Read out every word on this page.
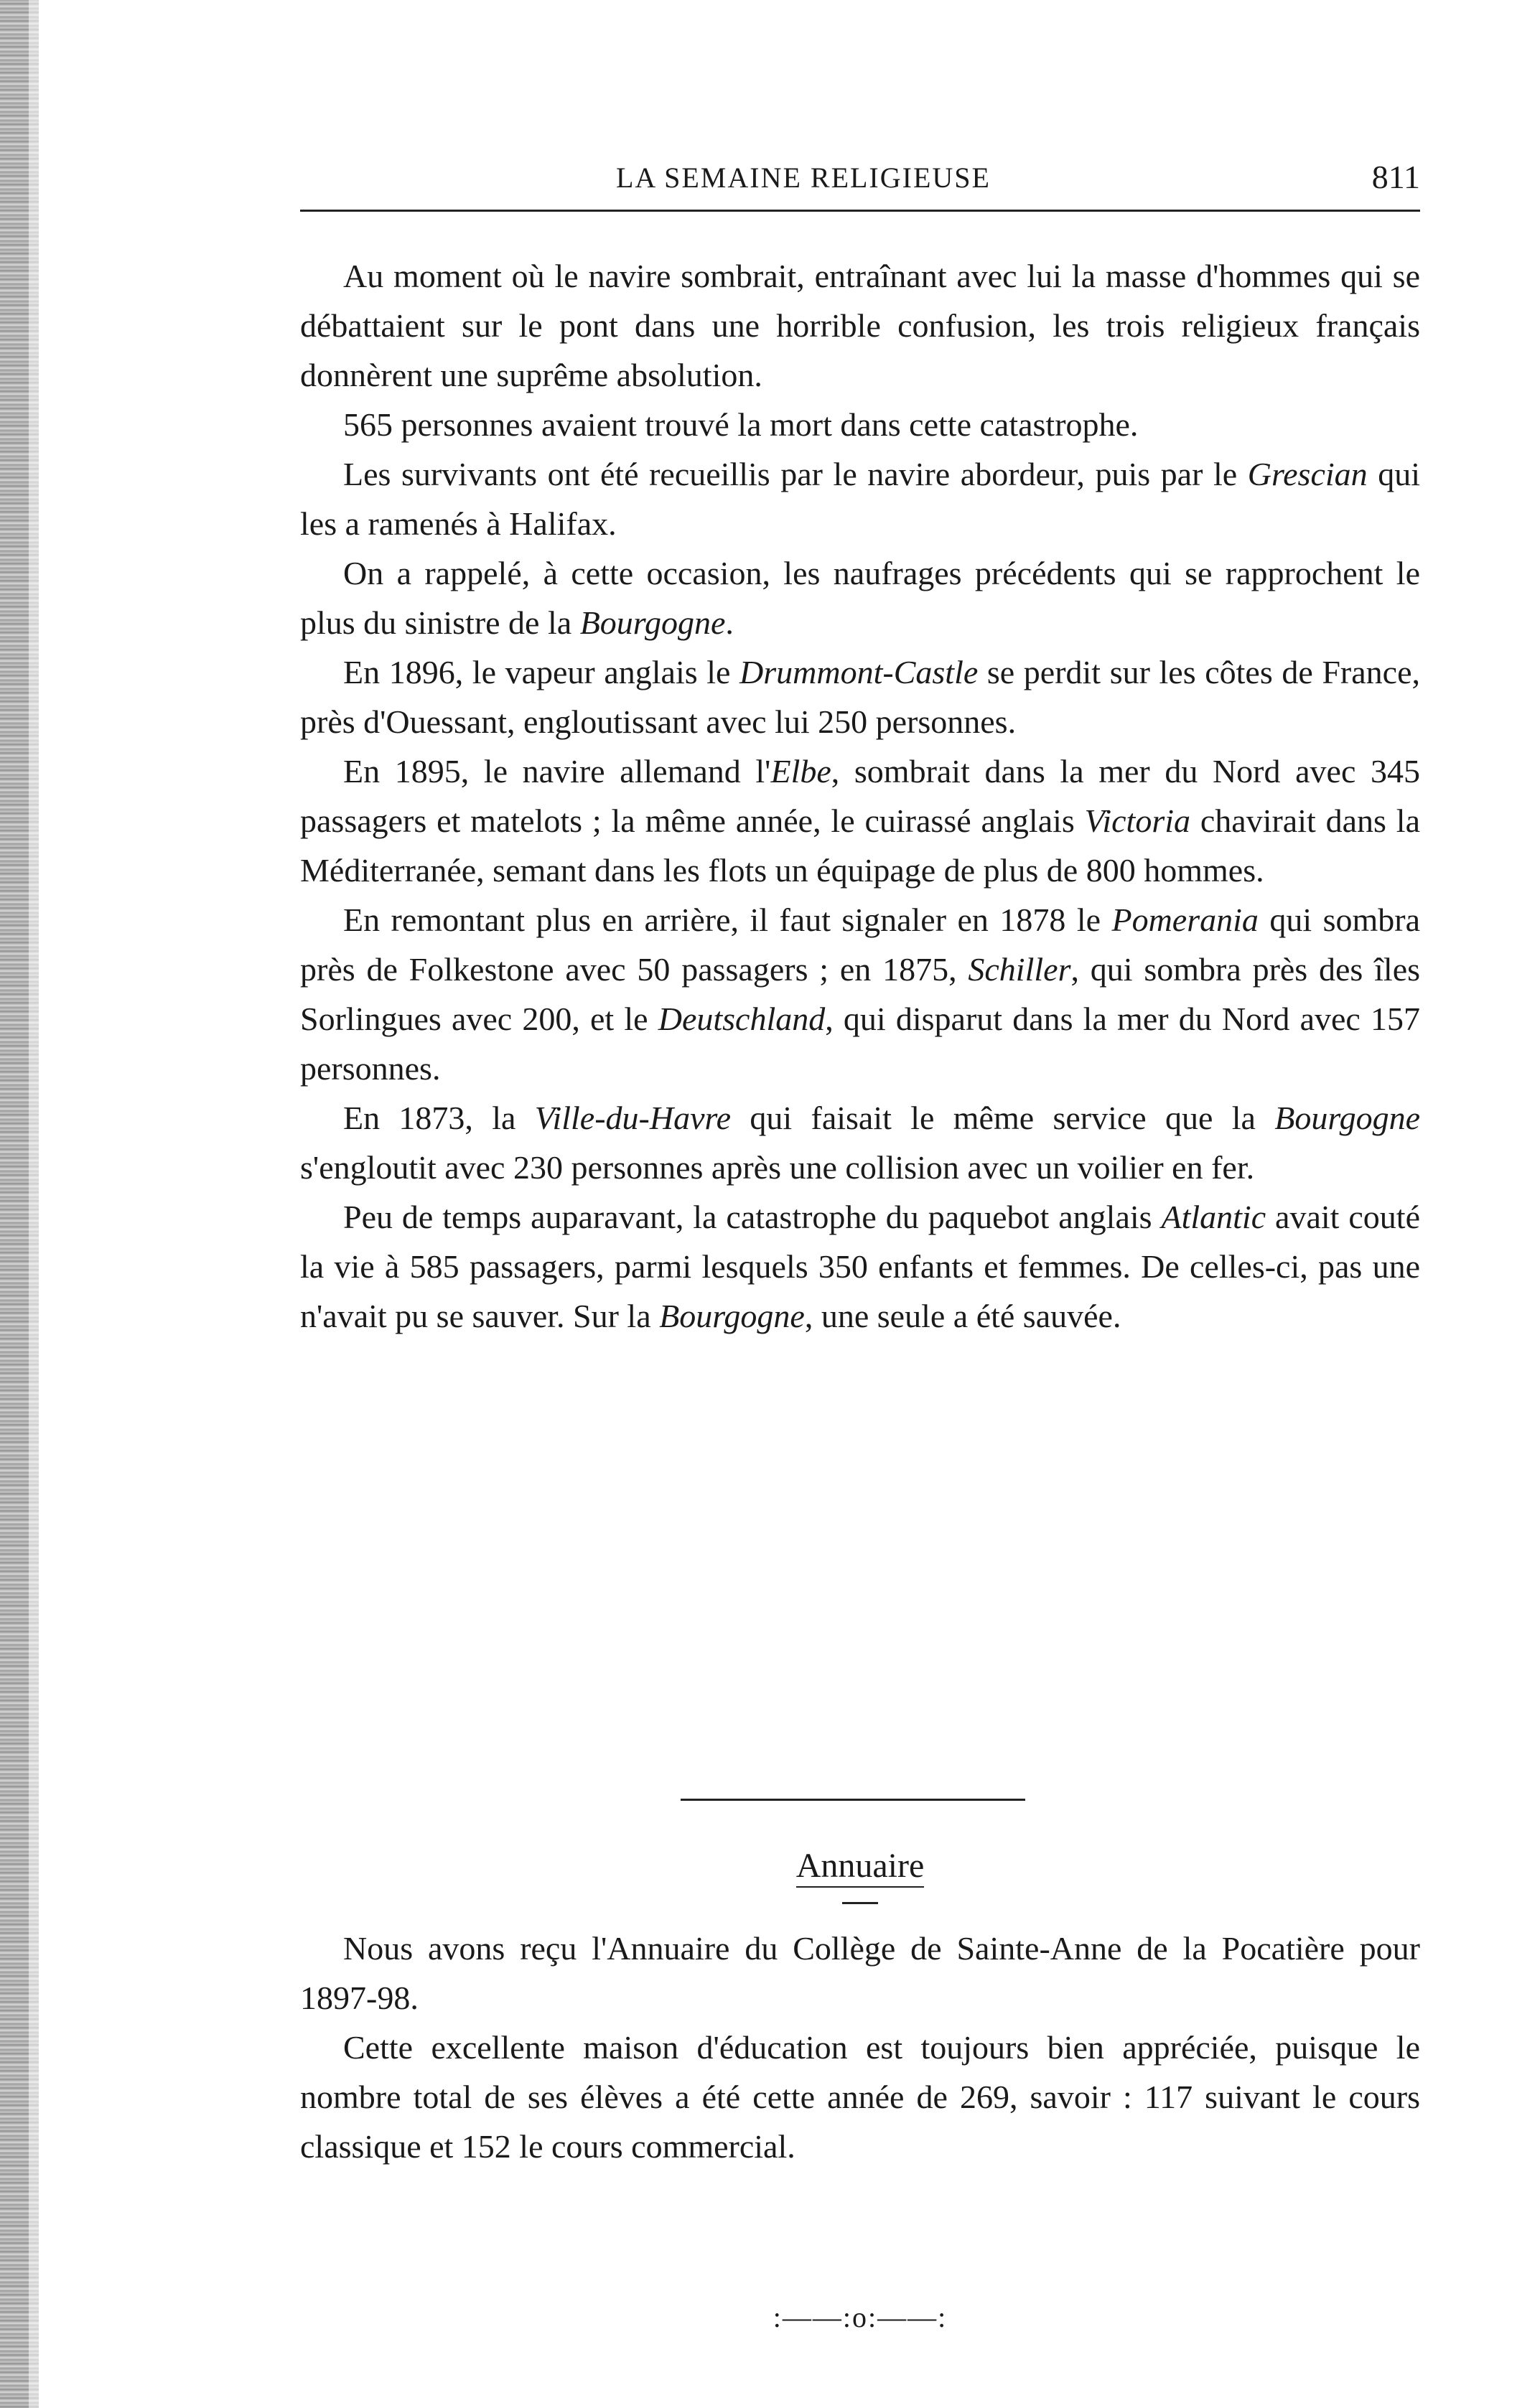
LA SEMAINE RELIGIEUSE	811

Au moment où le navire sombrait, entraînant avec lui la masse d'hommes qui se débattaient sur le pont dans une horrible confusion, les trois religieux français donnèrent une suprême absolution.

565 personnes avaient trouvé la mort dans cette catastrophe.

Les survivants ont été recueillis par le navire abordeur, puis par le Grescian qui les a ramenés à Halifax.

On a rappelé, à cette occasion, les naufrages précédents qui se rapprochent le plus du sinistre de la Bourgogne.

En 1896, le vapeur anglais le Drummont-Castle se perdit sur les côtes de France, près d'Ouessant, engloutissant avec lui 250 personnes.

En 1895, le navire allemand l'Elbe, sombrait dans la mer du Nord avec 345 passagers et matelots ; la même année, le cuirassé anglais Victoria chavirait dans la Méditerranée, semant dans les flots un équipage de plus de 800 hommes.

En remontant plus en arrière, il faut signaler en 1878 le Pomerania qui sombra près de Folkestone avec 50 passagers ; en 1875, Schiller, qui sombra près des îles Sorlingues avec 200, et le Deutschland, qui disparut dans la mer du Nord avec 157 personnes.

En 1873, la Ville-du-Havre qui faisait le même service que la Bourgogne s'engloutit avec 230 personnes après une collision avec un voilier en fer.

Peu de temps auparavant, la catastrophe du paquebot anglais Atlantic avait couté la vie à 585 passagers, parmi lesquels 350 enfants et femmes. De celles-ci, pas une n'avait pu se sauver. Sur la Bourgogne, une seule a été sauvée.

Annuaire

Nous avons reçu l'Annuaire du Collège de Sainte-Anne de la Pocatière pour 1897-98.

Cette excellente maison d'éducation est toujours bien appréciée, puisque le nombre total de ses élèves a été cette année de 269, savoir : 117 suivant le cours classique et 152 le cours commercial.

:——:o:——:
